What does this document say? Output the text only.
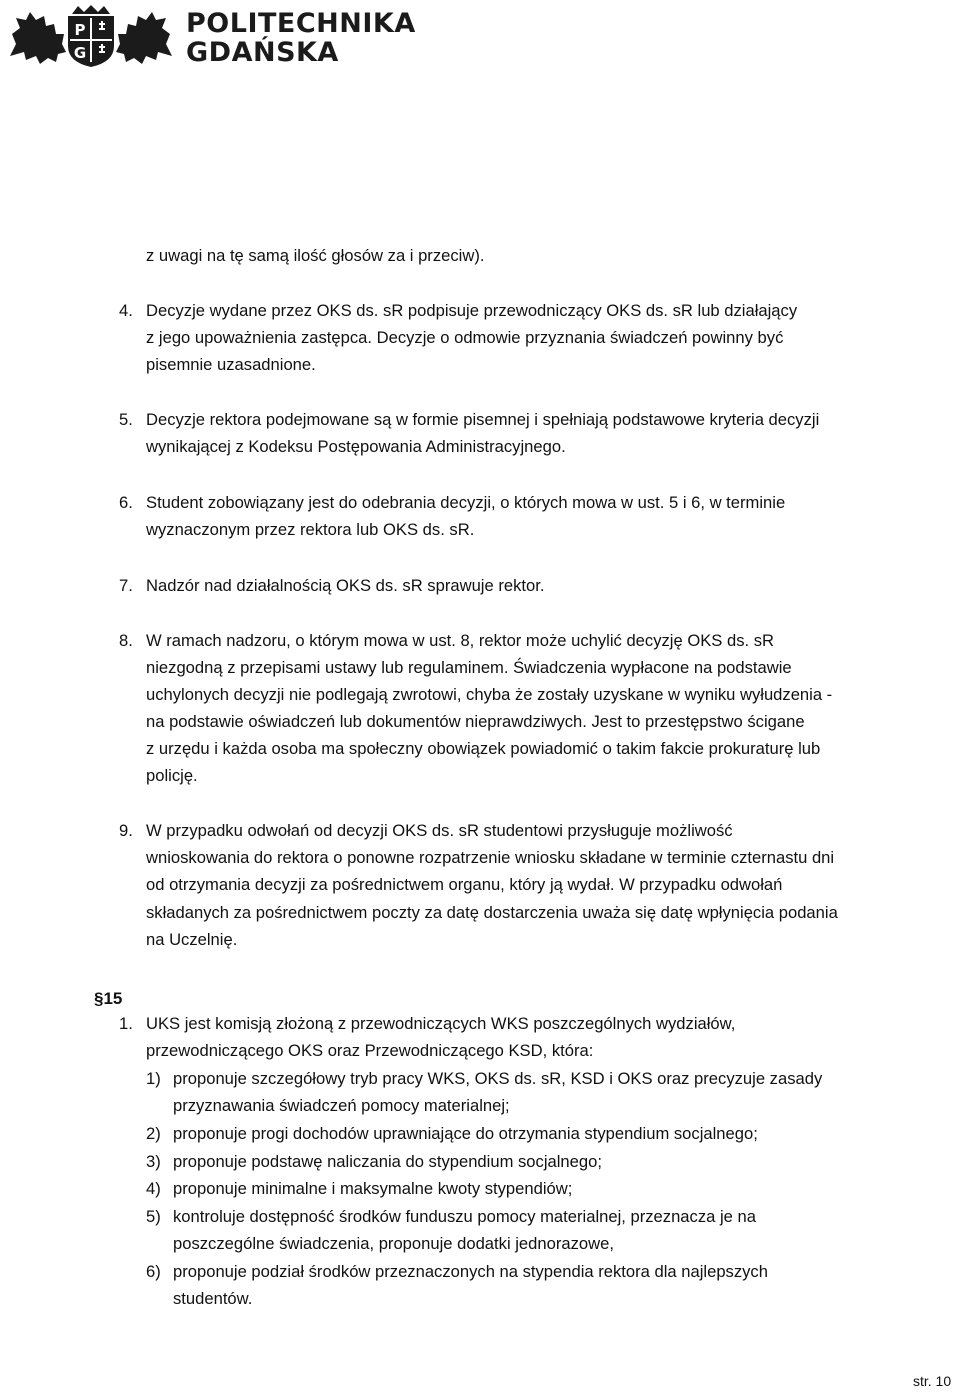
P
G
POLITECHNIKA
GDAŃSKA
z uwagi na tę samą ilość głosów za i przeciw).
4. Decyzje wydane przez OKS ds. sR podpisuje przewodniczący OKS ds. sR lub działający
z jego upoważnienia zastępca. Decyzje o odmowie przyznania świadczeń powinny być
pisemnie uzasadnione.
5. Decyzje rektora podejmowane są w formie pisemnej i spełniają podstawowe kryteria decyzji
wynikającej z Kodeksu Postępowania Administracyjnego.
6. Student zobowiązany jest do odebrania decyzji, o których mowa w ust. 5 i 6, w terminie
wyznaczonym przez rektora lub OKS ds. sR.
7. Nadzór nad działalnością OKS ds. sR sprawuje rektor.
8. W ramach nadzoru, o którym mowa w ust. 8, rektor może uchylić decyzję OKS ds. sR
niezgodną z przepisami ustawy lub regulaminem. Świadczenia wypłacone na podstawie
uchylonych decyzji nie podlegają zwrotowi, chyba że zostały uzyskane w wyniku wyłudzenia -
na podstawie oświadczeń lub dokumentów nieprawdziwych. Jest to przestępstwo ścigane
z urzędu i każda osoba ma społeczny obowiązek powiadomić o takim fakcie prokuraturę lub
policję.
9. W przypadku odwołań od decyzji OKS ds. sR studentowi przysługuje możliwość
wnioskowania do rektora o ponowne rozpatrzenie wniosku składane w terminie czternastu dni
od otrzymania decyzji za pośrednictwem organu, który ją wydał. W przypadku odwołań
składanych za pośrednictwem poczty za datę dostarczenia uważa się datę wpłynięcia podania
na Uczelnię.
§15
1. UKS jest komisją złożoną z przewodniczących WKS poszczególnych wydziałów,
przewodniczącego OKS oraz Przewodniczącego KSD, która:
1) proponuje szczegółowy tryb pracy WKS, OKS ds. sR, KSD i OKS oraz precyzuje zasady
przyznawania świadczeń pomocy materialnej;
2) proponuje progi dochodów uprawniające do otrzymania stypendium socjalnego;
3) proponuje podstawę naliczania do stypendium socjalnego;
4) proponuje minimalne i maksymalne kwoty stypendiów;
5) kontroluje dostępność środków funduszu pomocy materialnej, przeznacza je na
poszczególne świadczenia, proponuje dodatki jednorazowe,
6) proponuje podział środków przeznaczonych na stypendia rektora dla najlepszych
studentów.
str. 10
